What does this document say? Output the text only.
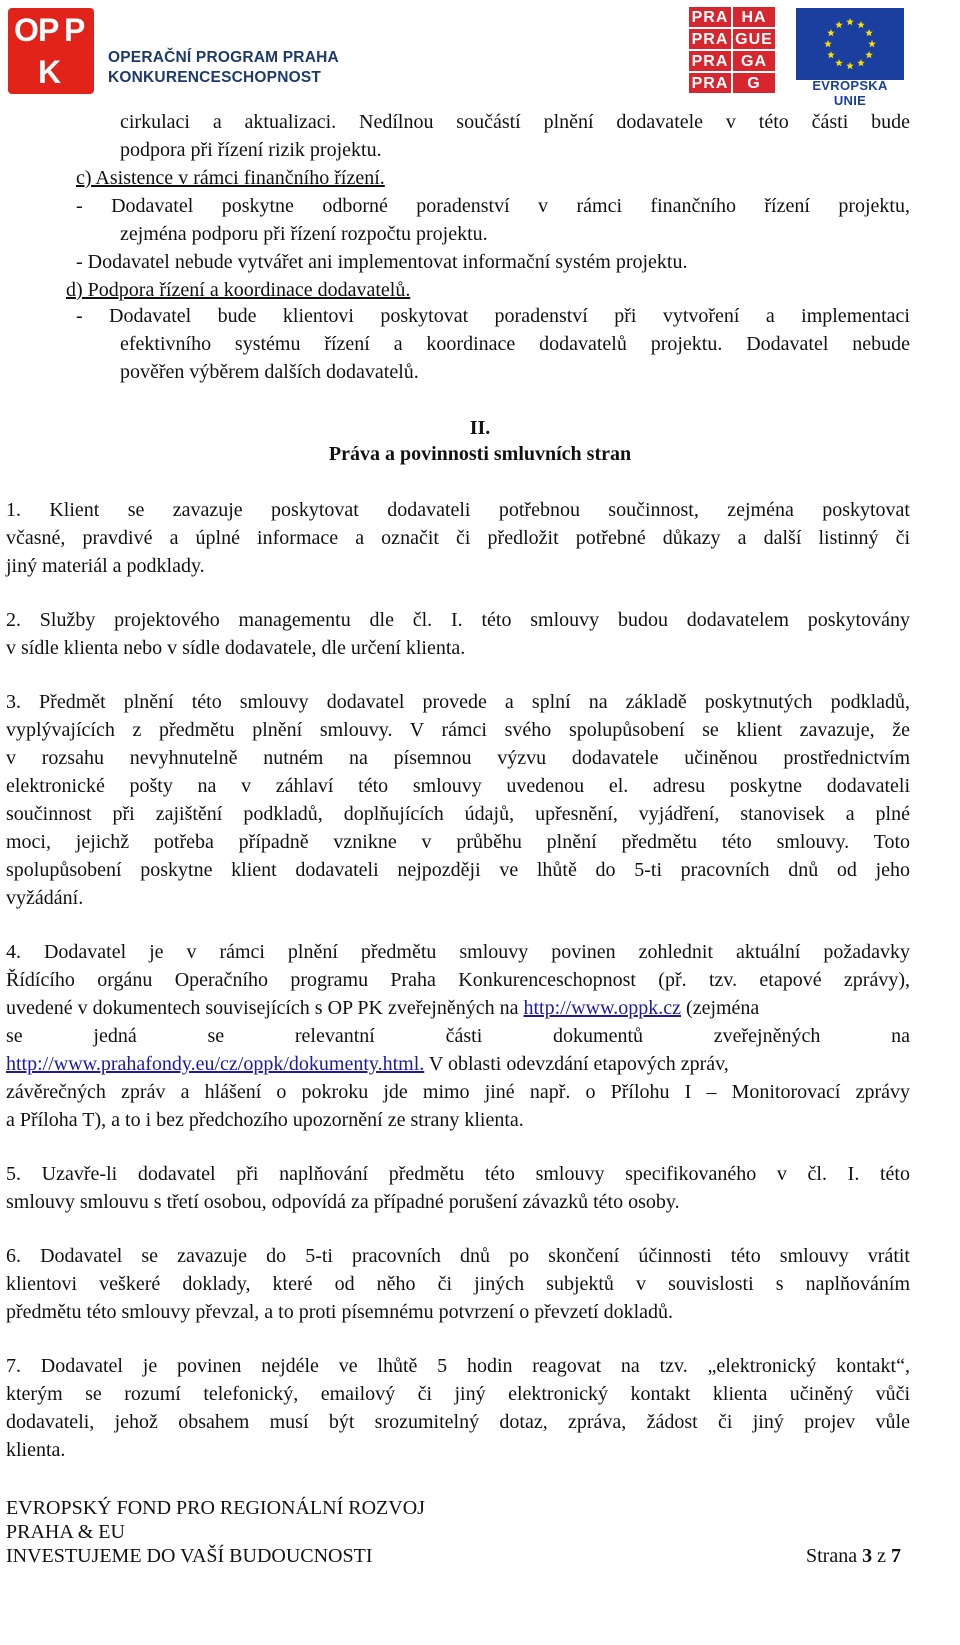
O P P
K	OPERAČNÍ PROGRAM PRAHA
KONKURENCESCHOPNOST
PRA HA
PRA GUE
PRA GA
PRA	G	EVROPSKÁ UNIE
cirkulaci a aktualizaci. Nedílnou součástí plnění dodavatele v této části bude
podpora při řízení rizik projektu.
c) Asistence v rámci finančního řízení.
- Dodavatel poskytne odborné poradenství v rámci finančního řízení projektu,
zejména podporu při řízení rozpočtu projektu.
- Dodavatel nebude vytvářet ani implementovat informační systém projektu.
d) Podpora řízení a koordinace dodavatelů.
- Dodavatel bude klientovi poskytovat poradenství při vytvoření a implementaci
efektivního systému řízení a koordinace dodavatelů projektu. Dodavatel nebude
pověřen výběrem dalších dodavatelů.
II.
Práva a povinnosti smluvních stran
1. Klient se zavazuje poskytovat dodavateli potřebnou součinnost, zejména poskytovat
včasné, pravdivé a úplné informace a označit či předložit potřebné důkazy a další listinný či
jiný materiál a podklady.
2. Služby projektového managementu dle čl. I. této smlouvy budou dodavatelem poskytovány
v sídle klienta nebo v sídle dodavatele, dle určení klienta.
3. Předmět plnění této smlouvy dodavatel provede a splní na základě poskytnutých podkladů,
vyplývajících z předmětu plnění smlouvy. V rámci svého spolupůsobení se klient zavazuje, že
v rozsahu nevyhnutelně nutném na písemnou výzvu dodavatele učiněnou prostřednictvím
elektronické pošty na v záhlaví této smlouvy uvedenou el. adresu poskytne dodavateli
součinnost při zajištění podkladů, doplňujících údajů, upřesnění, vyjádření, stanovisek a plné
moci, jejichž potřeba případně vznikne v průběhu plnění předmětu této smlouvy. Toto
spolupůsobení poskytne klient dodavateli nejpozději ve lhůtě do 5-ti pracovních dnů od jeho
vyžádání.
4. Dodavatel je v rámci plnění předmětu smlouvy povinen zohlednit aktuální požadavky
Řídícího orgánu Operačního programu Praha Konkurenceschopnost (př. tzv. etapové zprávy),
uvedené v dokumentech souvisejících s OP PK zveřejněných na http://www.oppk.cz (zejména
se jedná se relevantní části dokumentů zveřejněných na
http://www.prahafondy.eu/cz/oppk/dokumenty.html. V oblasti odevzdání etapových zpráv,
závěrečných zpráv a hlášení o pokroku jde mimo jiné např. o Přílohu I – Monitorovací zprávy
a Příloha T), a to i bez předchozího upozornění ze strany klienta.
5. Uzavře-li dodavatel při naplňování předmětu této smlouvy specifikovaného v čl. I. této
smlouvy smlouvu s třetí osobou, odpovídá za případné porušení závazků této osoby.
6. Dodavatel se zavazuje do 5-ti pracovních dnů po skončení účinnosti této smlouvy vrátit
klientovi veškeré doklady, které od něho či jiných subjektů v souvislosti s naplňováním
předmětu této smlouvy převzal, a to proti písemnému potvrzení o převzetí dokladů.
7. Dodavatel je povinen nejdéle ve lhůtě 5 hodin reagovat na tzv. „elektronický kontakt“,
kterým se rozumí telefonický, emailový či jiný elektronický kontakt klienta učiněný vůči
dodavateli, jehož obsahem musí být srozumitelný dotaz, zpráva, žádost či jiný projev vůle
klienta.
EVROPSKÝ FOND PRO REGIONÁLNÍ ROZVOJ
PRAHA & EU
INVESTUJEME DO VAŠÍ BUDOUCNOSTI	Strana 3 z 7
